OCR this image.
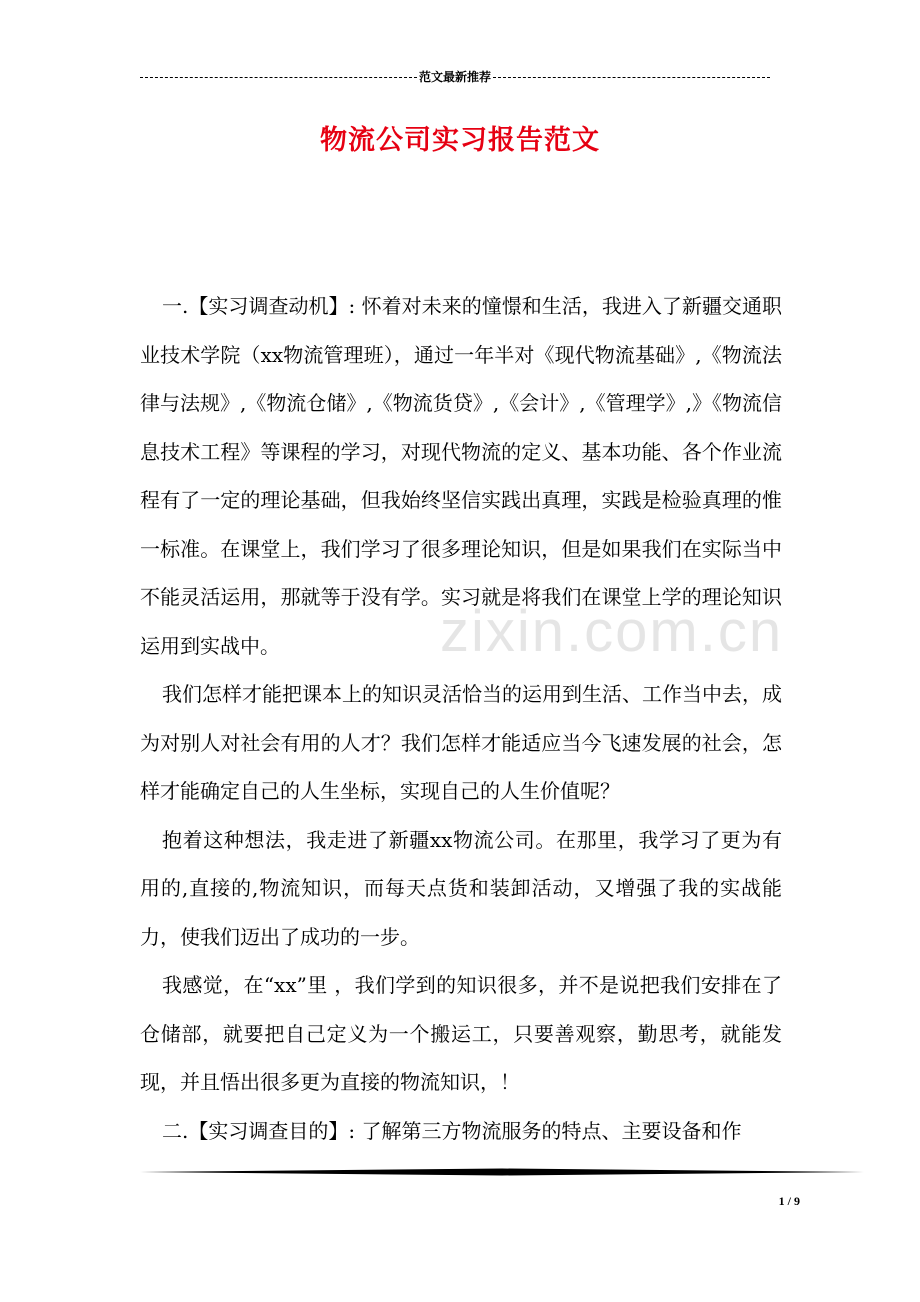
范文最新推荐
物流公司实习报告范文

一.【实习调查动机】: 怀着对未来的憧憬和生活，我进入了新疆交通职业技术学院（xx物流管理班），通过一年半对《现代物流基础》,《物流法律与法规》,《物流仓储》,《物流货贷》,《会计》,《管理学》,》《物流信息技术工程》等课程的学习，对现代物流的定义、基本功能、各个作业流程有了一定的理论基础，但我始终坚信实践出真理，实践是检验真理的惟一标准。在课堂上，我们学习了很多理论知识，但是如果我们在实际当中不能灵活运用，那就等于没有学。实习就是将我们在课堂上学的理论知识运用到实战中。

我们怎样才能把课本上的知识灵活恰当的运用到生活、工作当中去，成为对别人对社会有用的人才？我们怎样才能适应当今飞速发展的社会，怎样才能确定自己的人生坐标，实现自己的人生价值呢？

抱着这种想法，我走进了新疆xx物流公司。在那里，我学习了更为有用的,直接的,物流知识，而每天点货和装卸活动，又增强了我的实战能力，使我们迈出了成功的一步。

我感觉，在“xx”里 ，我们学到的知识很多，并不是说把我们安排在了仓储部，就要把自己定义为一个搬运工，只要善观察，勤思考，就能发现，并且悟出很多更为直接的物流知识，！

二.【实习调查目的】: 了解第三方物流服务的特点、主要设备和作

zixin.com.cn
1 / 9
